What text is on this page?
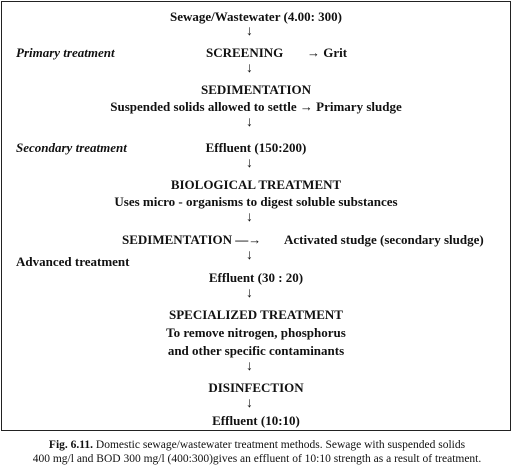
Sewage/Wastewater (4.00: 300)
↓
Primary treatment	SCREENING → Grit
↓
SEDIMENTATION
Suspended solids allowed to settle → Primary sludge
↓
Secondary treatment	Effluent (150:200)
↓
BIOLOGICAL TREATMENT
Uses micro - organisms to digest soluble substances
↓
SEDIMENTATION —→ Activated studge (secondary sludge)
↓
Advanced treatment
Effluent (30 : 20)
↓
SPECIALIZED TREATMENT
To remove nitrogen, phosphorus
and other specific contaminants
↓
DISINFECTION
↓
Effluent (10:10)
Fig. 6.11. Domestic sewage/wastewater treatment methods. Sewage with suspended solids
400 mg/l and BOD 300 mg/l (400:300)gives an effluent of 10:10 strength as a result of treatment.
